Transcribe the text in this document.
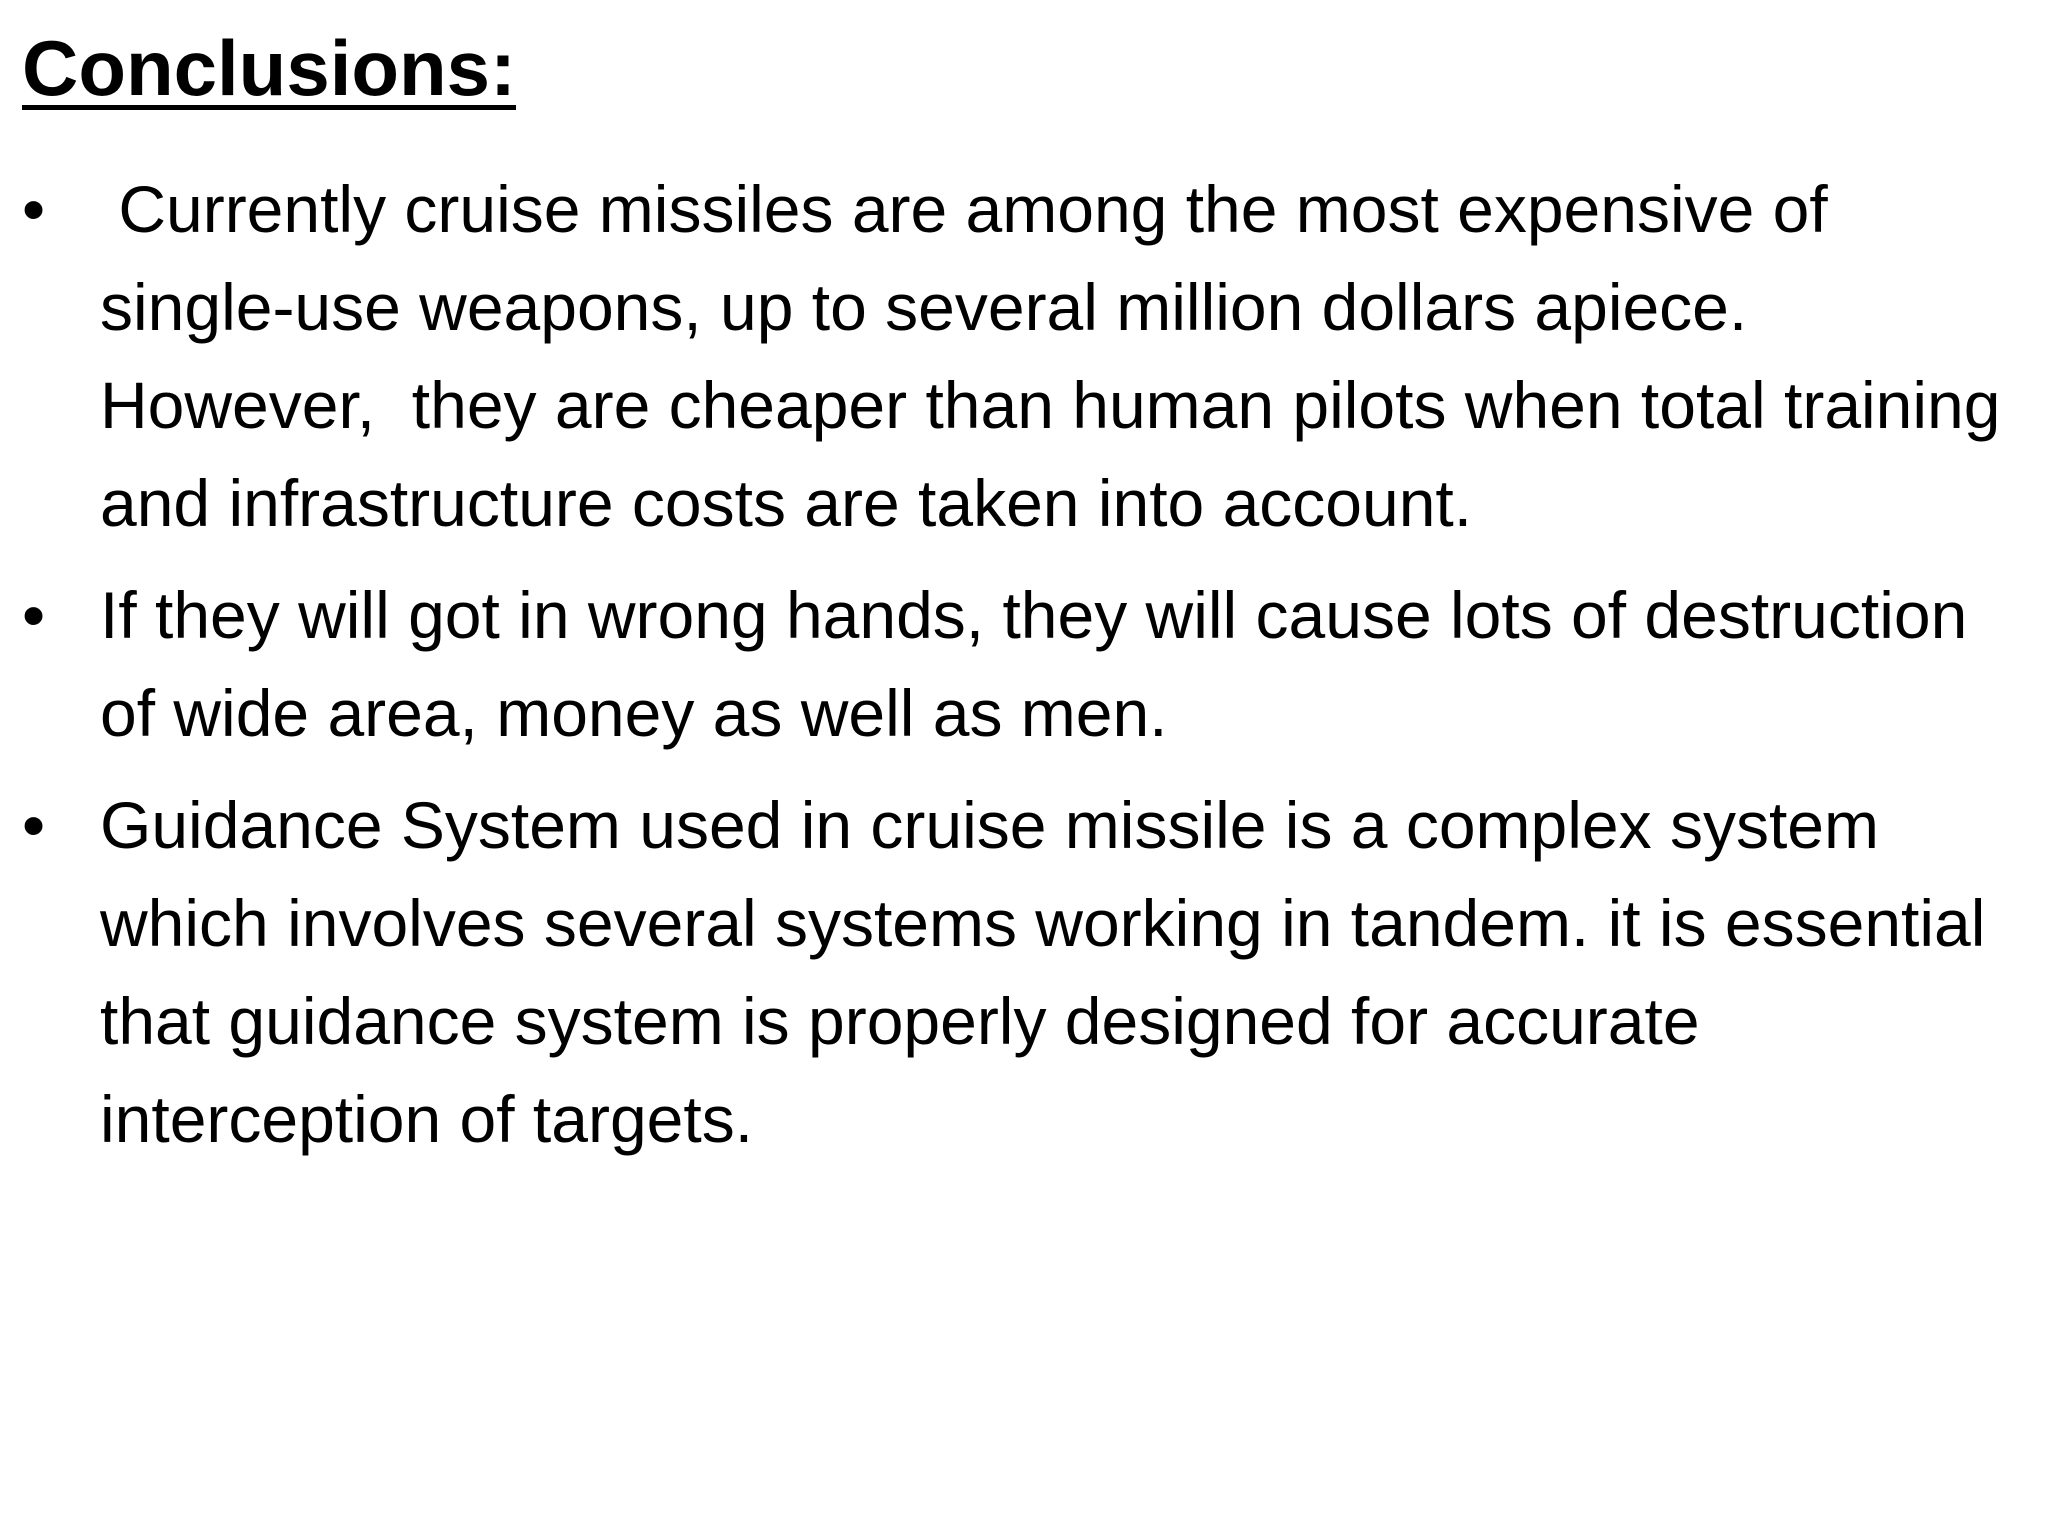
Conclusions:
• Currently cruise missiles are among the most expensive of single-use weapons, up to several million dollars apiece. However,  they are cheaper than human pilots when total training and infrastructure costs are taken into account.
• If they will got in wrong hands, they will cause lots of destruction of wide area, money as well as men.
• Guidance System used in cruise missile is a complex system which involves several systems working in tandem. it is essential that guidance system is properly designed for accurate interception of targets.
